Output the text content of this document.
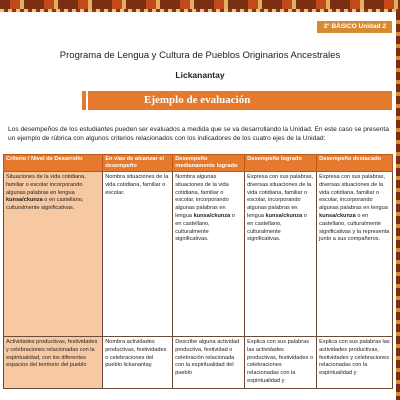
3° BÁSICO Unidad 2
Programa de Lengua y Cultura de Pueblos Originarios Ancestrales
Lickanantay
Ejemplo de evaluación

Los desempeños de los estudiantes pueden ser evaluados a medida que se va desarrollando la Unidad. En este caso se presenta un ejemplo de rúbrica con algunos criterios relacionados con los indicadores de los cuatro ejes de la Unidad:

Criterio / Nivel de Desarrollo	En vías de alcanzar el desempeño	Desempeño medianamente logrado	Desempeño logrado	Desempeño destacado
Situaciones de la vida cotidiana, familiar o escolar incorporando algunas palabras en lengua kunsa/ckunza o en castellano, culturalmente significativas.	Nombra situaciones de la vida cotidiana, familiar o escolar.	Nombra algunas situaciones de la vida cotidiana, familiar o escolar, incorporando algunas palabras en lengua kunsa/ckunza o en castellano, culturalmente significativas.	Expresa con sus palabras, diversas situaciones de la vida cotidiana, familiar o escolar, incorporando algunas palabras en lengua kunsa/ckunza o en castellano, culturalmente significativas.	Expresa con sus palabras, diversas situaciones de la vida cotidiana, familiar o escolar, incorporando algunas palabras en lengua kunsa/ckunza o en castellano, culturalmente significativas y la representa junto a sus compañeros.
Actividades productivas, festividades y celebraciones relacionadas con la espiritualidad, con los diferentes espacios del territorio del pueblo	Nombra actividades productivas, festividades o celebraciones del pueblo lickanantay.	Describe alguna actividad productiva, festividad o celebración relacionada con la espiritualidad del pueblo	Explica con sus palabras las actividades productivas, festividades o celebraciones relacionadas con la espiritualidad y	Explica con sus palabras las actividades productivas, festividades y celebraciones relacionadas con la espiritualidad y
